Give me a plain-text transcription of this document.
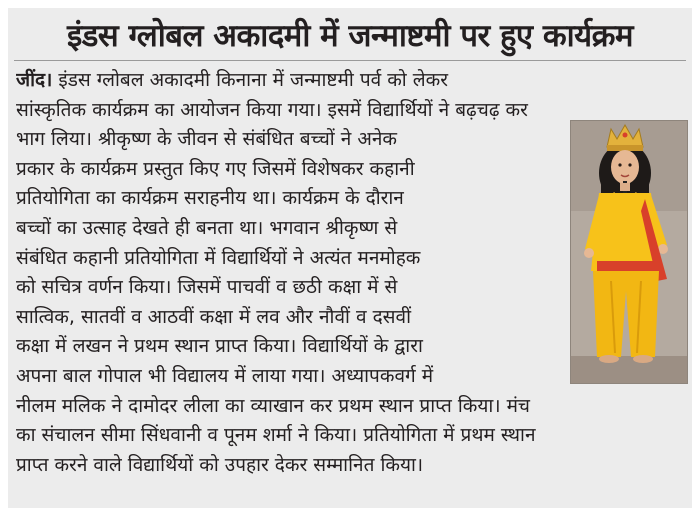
इंडस ग्लोबल अकादमी में जन्माष्टमी पर हुए कार्यक्रम
जींद। इंडस ग्लोबल अकादमी किनाना में जन्माष्टमी पर्व को लेकर
सांस्कृतिक कार्यक्रम का आयोजन किया गया। इसमें विद्यार्थियों ने बढ़चढ़ कर
भाग लिया। श्रीकृष्ण के जीवन से संबंधित बच्चों ने अनेक
प्रकार के कार्यक्रम प्रस्तुत किए गए जिसमें विशेषकर कहानी
प्रतियोगिता का कार्यक्रम सराहनीय था। कार्यक्रम के दौरान
बच्चों का उत्साह देखते ही बनता था। भगवान श्रीकृष्ण से
संबंधित कहानी प्रतियोगिता में विद्यार्थियों ने अत्यंत मनमोहक
को सचित्र वर्णन किया। जिसमें पाचवीं व छठी कक्षा में से
सात्विक, सातवीं व आठवीं कक्षा में लव और नौवीं व दसवीं
कक्षा में लखन ने प्रथम स्थान प्राप्त किया। विद्यार्थियों के द्वारा
अपना बाल गोपाल भी विद्यालय में लाया गया। अध्यापकवर्ग में
नीलम मलिक ने दामोदर लीला का व्याखान कर प्रथम स्थान प्राप्त किया। मंच
का संचालन सीमा सिंधवानी व पूनम शर्मा ने किया। प्रतियोगिता में प्रथम स्थान
प्राप्त करने वाले विद्यार्थियों को उपहार देकर सम्मानित किया।
